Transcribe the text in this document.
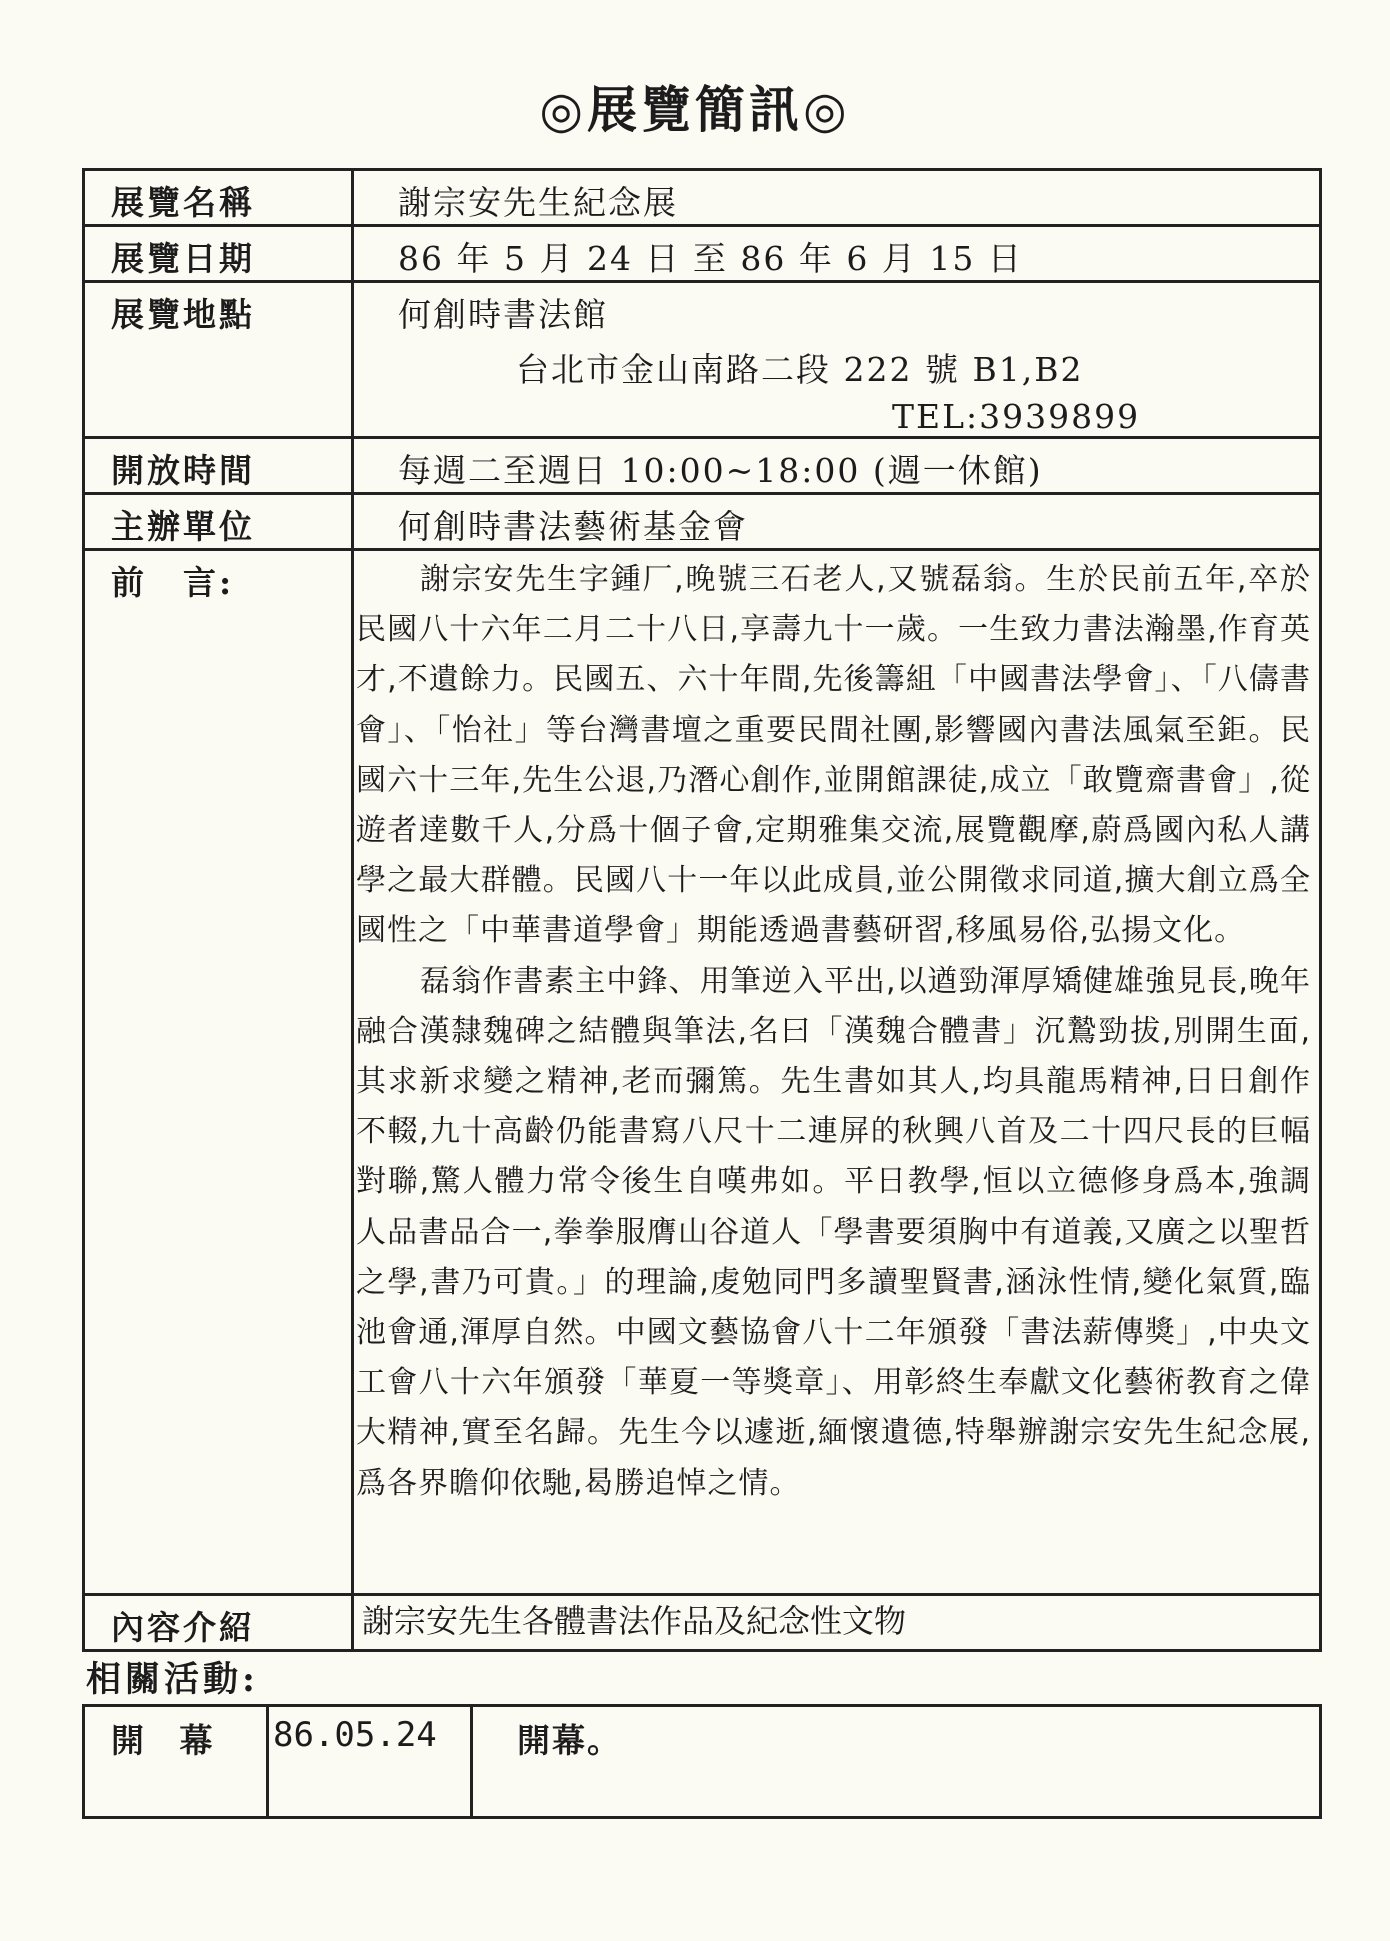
◎展覽簡訊◎
展覽名稱	謝宗安先生紀念展
展覽日期	86 年 5 月 24 日 至 86 年 6 月 15 日
展覽地點	何創時書法館
台北市金山南路二段 222 號 B1,B2
TEL:3939899

開放時間	每週二至週日 10:00~18:00 (週一休館)
主辦單位	何創時書法藝術基金會
前　言:	謝宗安先生字鍾厂,晚號三石老人,又號磊翁。生於民前五年,卒於民國八十六年二月二十八日,享壽九十一歲。一生致力書法瀚墨,作育英才,不遺餘力。民國五、六十年間,先後籌組「中國書法學會」、「八儔書會」、「怡社」等台灣書壇之重要民間社團,影響國內書法風氣至鉅。民國六十三年,先生公退,乃潛心創作,並開館課徒,成立「敢覽齋書會」,從遊者達數千人,分爲十個子會,定期雅集交流,展覽觀摩,蔚爲國內私人講學之最大群體。民國八十一年以此成員,並公開徵求同道,擴大創立爲全國性之「中華書道學會」期能透過書藝研習,移風易俗,弘揚文化。

磊翁作書素主中鋒、用筆逆入平出,以遒勁渾厚矯健雄強見長,晚年融合漢隸魏碑之結體與筆法,名曰「漢魏合體書」沉鷙勁拔,別開生面,其求新求變之精神,老而彌篤。先生書如其人,均具龍馬精神,日日創作不輟,九十高齡仍能書寫八尺十二連屏的秋興八首及二十四尺長的巨幅對聯,驚人體力常令後生自嘆弗如。平日教學,恒以立德修身爲本,強調人品書品合一,拳拳服膺山谷道人「學書要須胸中有道義,又廣之以聖哲之學,書乃可貴。」的理論,䖍勉同門多讀聖賢書,涵泳性情,變化氣質,臨池會通,渾厚自然。中國文藝協會八十二年頒發「書法薪傳獎」,中央文工會八十六年頒發「華夏一等獎章」、用彰終生奉獻文化藝術教育之偉大精神,實至名歸。先生今以遽逝,緬懷遺德,特舉辦謝宗安先生紀念展,爲各界瞻仰依馳,曷勝追悼之情。

內容介紹	謝宗安先生各體書法作品及紀念性文物
相關活動:
開 幕	86.05.24	開幕。
